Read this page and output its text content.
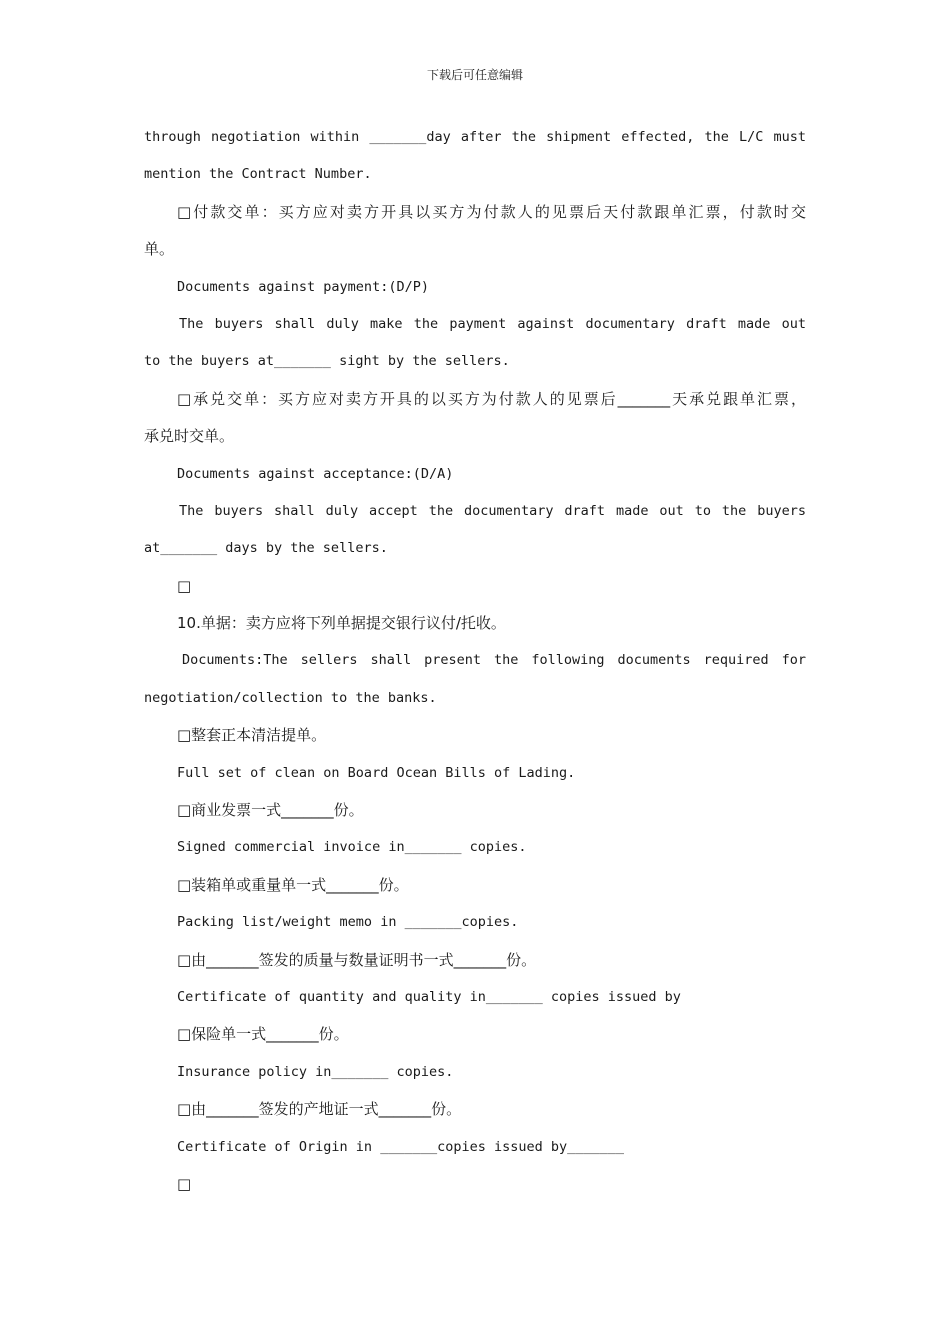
下载后可任意编辑
through negotiation within _______day after the shipment effected, the L/C must
mention the Contract Number.
□付款交单：买方应对卖方开具以买方为付款人的见票后天付款跟单汇票，付款时交
单。
Documents against payment:(D/P)
The buyers shall duly make the payment against documentary draft made out
to the buyers at_______ sight by the sellers.
□承兑交单：买方应对卖方开具的以买方为付款人的见票后_______天承兑跟单汇票，
承兑时交单。
Documents against acceptance:(D/A)
The buyers shall duly accept the documentary draft made out to the buyers
at_______ days by the sellers.
□
10.单据：卖方应将下列单据提交银行议付/托收。
Documents:The sellers shall present the following documents required for
negotiation/collection to the banks.
□整套正本清洁提单。
Full set of clean on Board Ocean Bills of Lading.
□商业发票一式_______份。
Signed commercial invoice in_______ copies.
□装箱单或重量单一式_______份。
Packing list/weight memo in _______copies.
□由_______签发的质量与数量证明书一式_______份。
Certificate of quantity and quality in_______ copies issued by
□保险单一式_______份。
Insurance policy in_______ copies.
□由_______签发的产地证一式_______份。
Certificate of Origin in _______copies issued by_______
□
